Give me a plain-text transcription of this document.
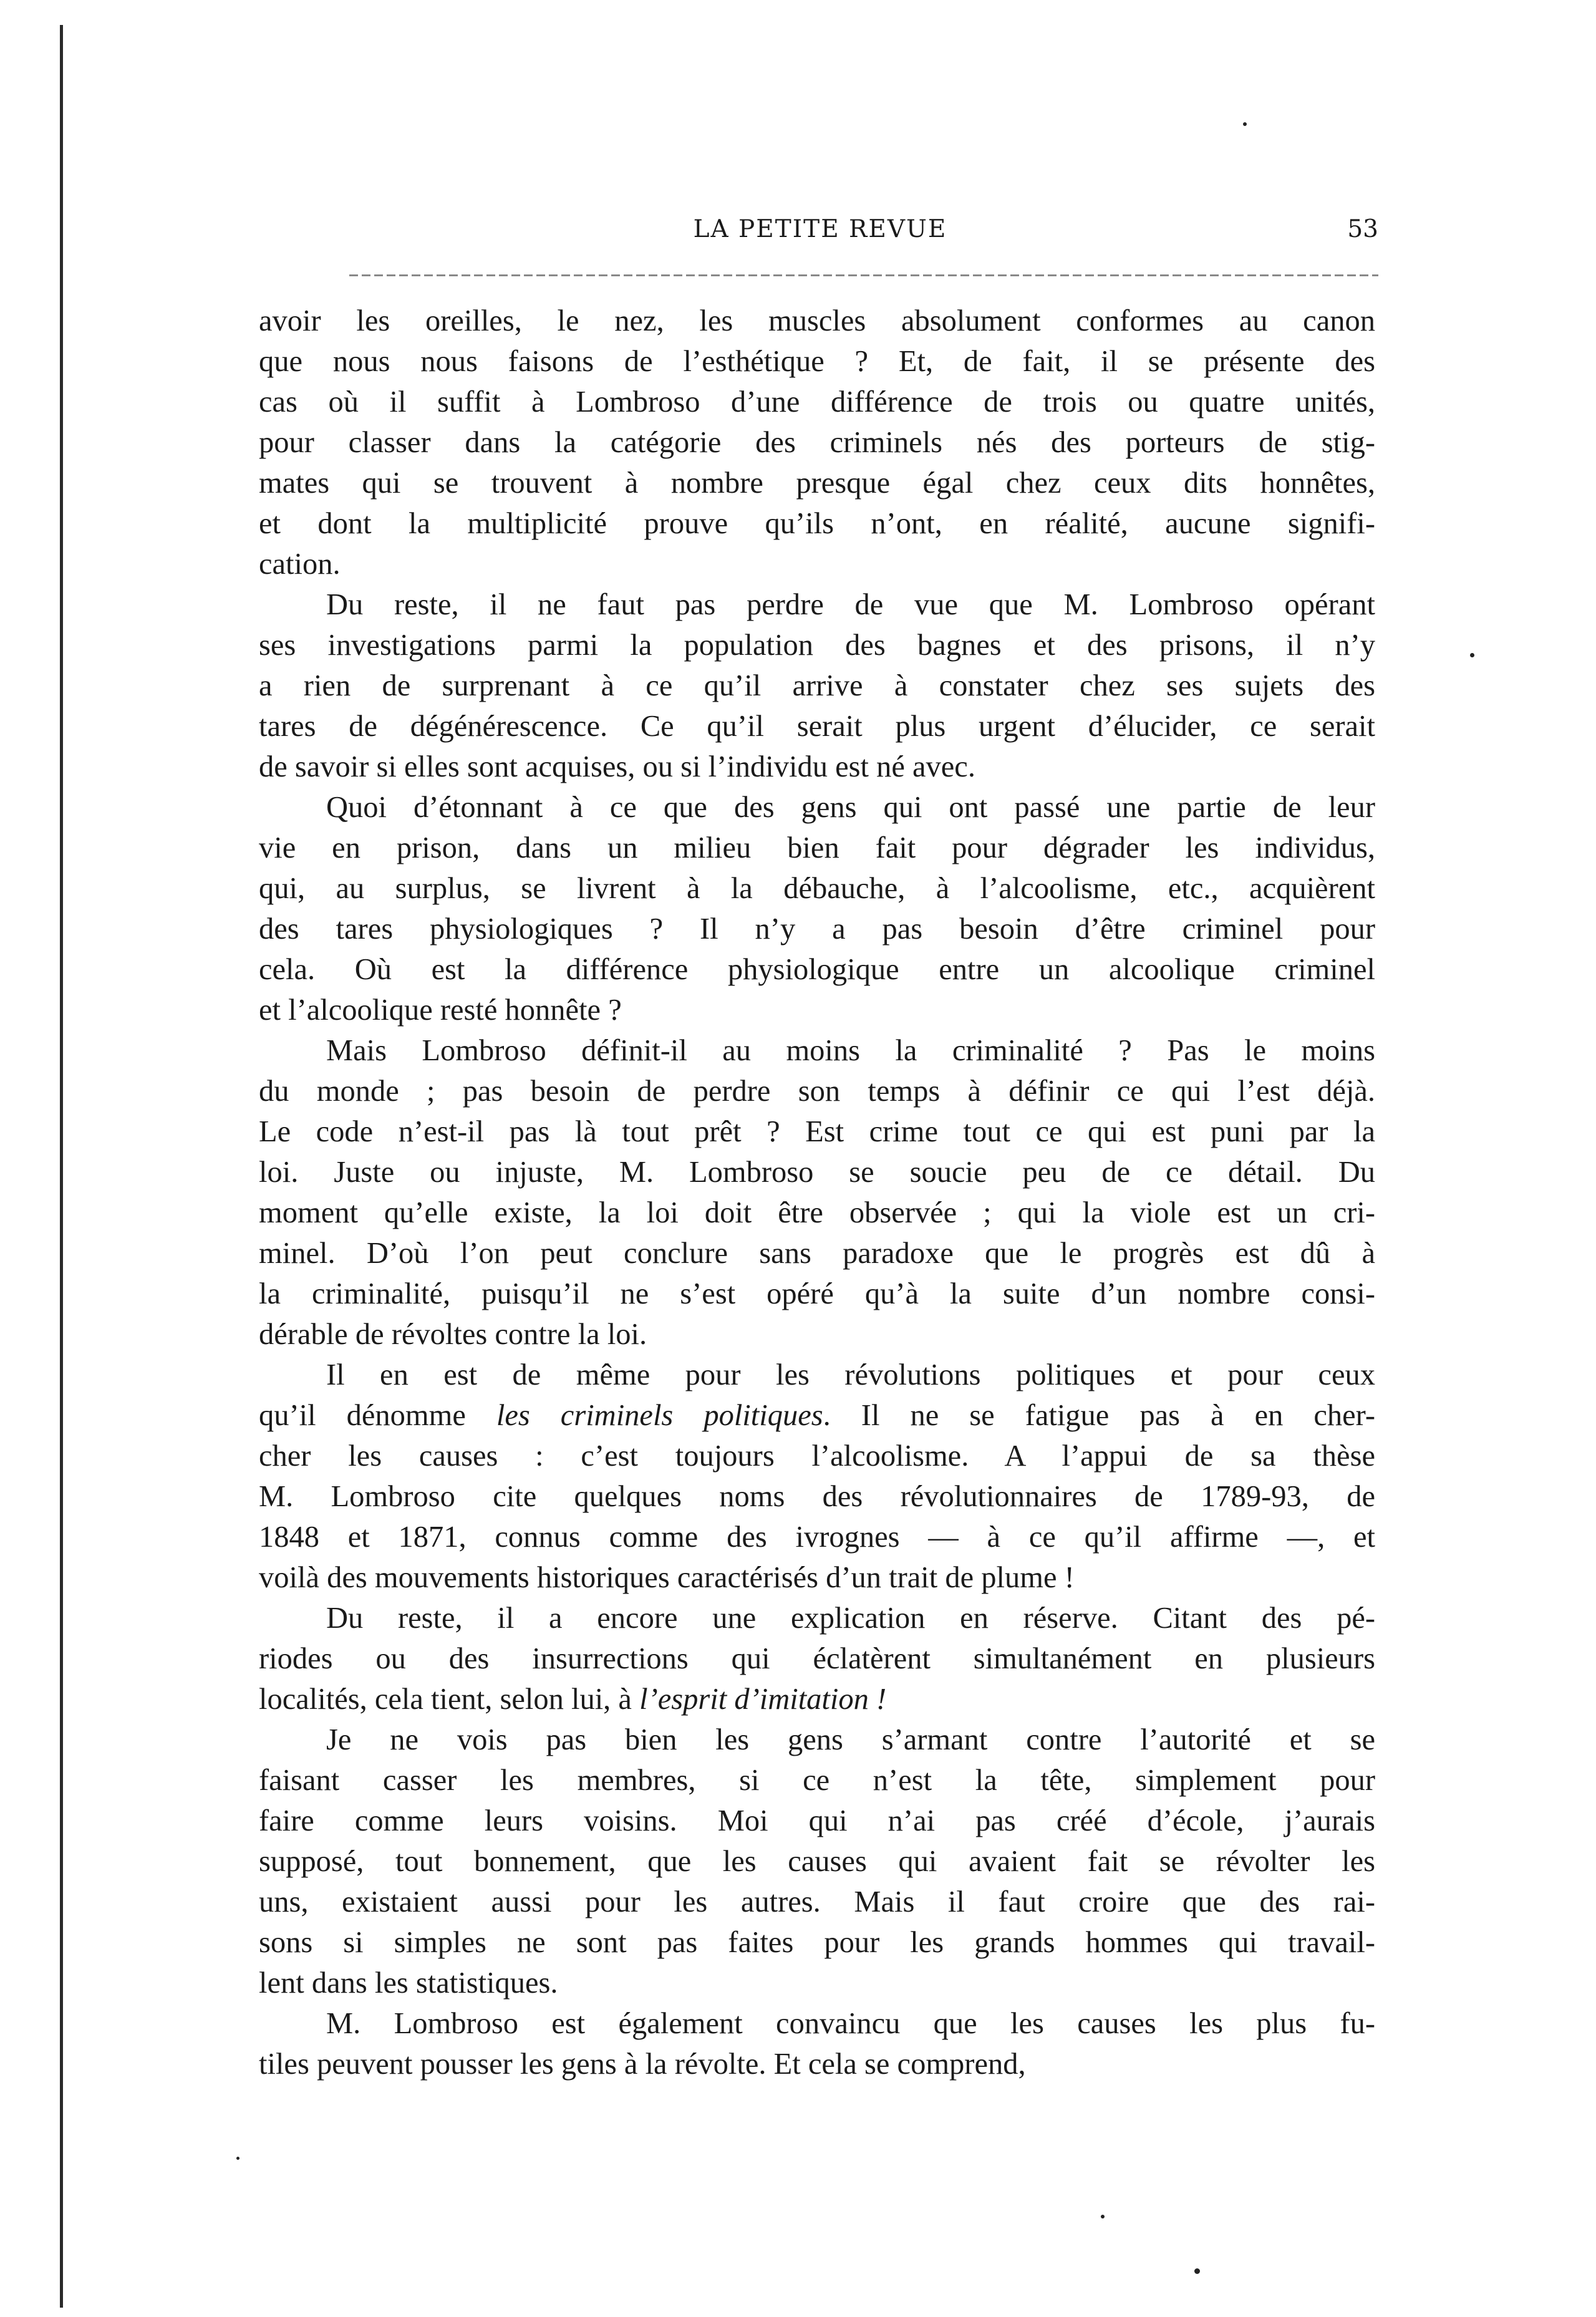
LA PETITE REVUE	53

avoir les oreilles, le nez, les muscles absolument conformes au canon
que nous nous faisons de l’esthétique ? Et, de fait, il se présente des
cas où il suffit à Lombroso d’une différence de trois ou quatre unités,
pour classer dans la catégorie des criminels nés des porteurs de stig-
mates qui se trouvent à nombre presque égal chez ceux dits honnêtes,
et dont la multiplicité prouve qu’ils n’ont, en réalité, aucune signifi-
cation.

Du reste, il ne faut pas perdre de vue que M. Lombroso opérant
ses investigations parmi la population des bagnes et des prisons, il n’y
a rien de surprenant à ce qu’il arrive à constater chez ses sujets des
tares de dégénérescence. Ce qu’il serait plus urgent d’élucider, ce serait
de savoir si elles sont acquises, ou si l’individu est né avec.

Quoi d’étonnant à ce que des gens qui ont passé une partie de leur
vie en prison, dans un milieu bien fait pour dégrader les individus,
qui, au surplus, se livrent à la débauche, à l’alcoolisme, etc., acquièrent
des tares physiologiques ? Il n’y a pas besoin d’être criminel pour
cela. Où est la différence physiologique entre un alcoolique criminel
et l’alcoolique resté honnête ?

Mais Lombroso définit-il au moins la criminalité ? Pas le moins
du monde ; pas besoin de perdre son temps à définir ce qui l’est déjà.
Le code n’est-il pas là tout prêt ? Est crime tout ce qui est puni par la
loi. Juste ou injuste, M. Lombroso se soucie peu de ce détail. Du
moment qu’elle existe, la loi doit être observée ; qui la viole est un cri-
minel. D’où l’on peut conclure sans paradoxe que le progrès est dû à
la criminalité, puisqu’il ne s’est opéré qu’à la suite d’un nombre consi-
dérable de révoltes contre la loi.

Il en est de même pour les révolutions politiques et pour ceux
qu’il dénomme les criminels politiques. Il ne se fatigue pas à en cher-
cher les causes : c’est toujours l’alcoolisme. A l’appui de sa thèse
M. Lombroso cite quelques noms des révolutionnaires de 1789-93, de
1848 et 1871, connus comme des ivrognes — à ce qu’il affirme —, et
voilà des mouvements historiques caractérisés d’un trait de plume !

Du reste, il a encore une explication en réserve. Citant des pé-
riodes ou des insurrections qui éclatèrent simultanément en plusieurs
localités, cela tient, selon lui, à l’esprit d’imitation !

Je ne vois pas bien les gens s’armant contre l’autorité et se
faisant casser les membres, si ce n’est la tête, simplement pour
faire comme leurs voisins. Moi qui n’ai pas créé d’école, j’aurais
supposé, tout bonnement, que les causes qui avaient fait se révolter les
uns, existaient aussi pour les autres. Mais il faut croire que des rai-
sons si simples ne sont pas faites pour les grands hommes qui travail-
lent dans les statistiques.

M. Lombroso est également convaincu que les causes les plus fu-
tiles peuvent pousser les gens à la révolte. Et cela se comprend,
